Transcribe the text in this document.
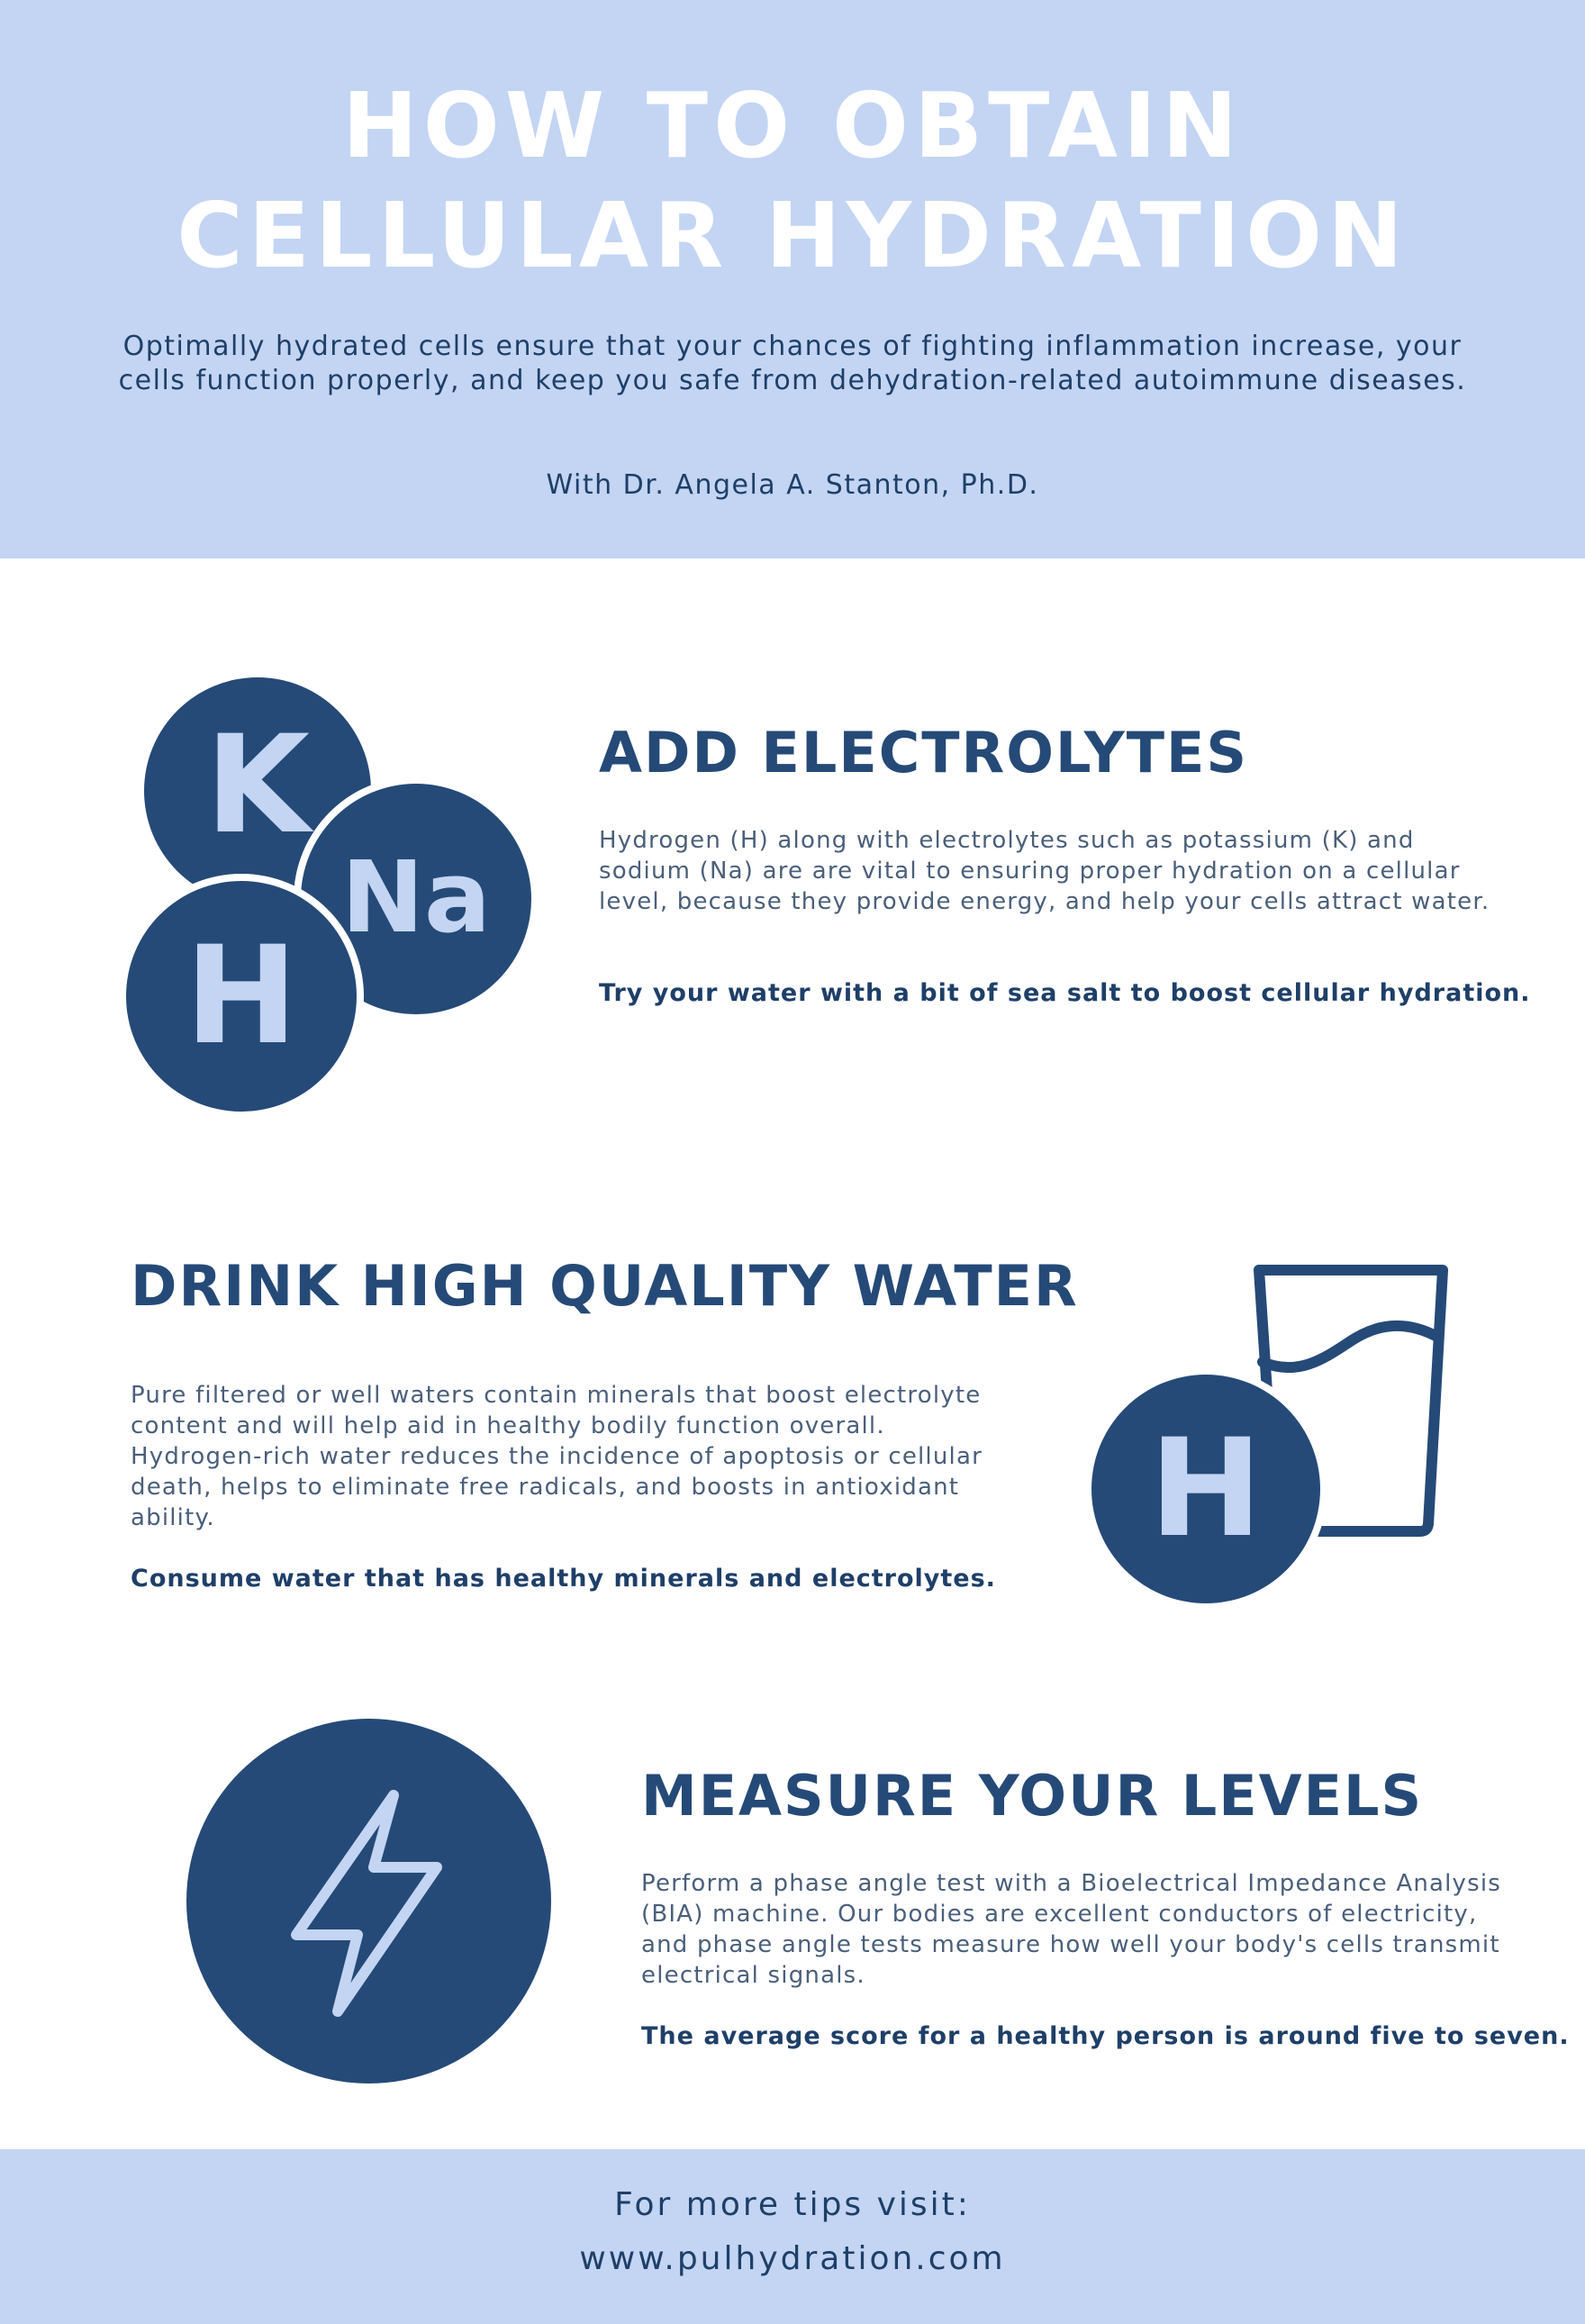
HOW TO OBTAIN
CELLULAR HYDRATION
Optimally hydrated cells ensure that your chances of fighting inflammation increase, your cells function properly, and keep you safe from dehydration-related autoimmune diseases.
With Dr. Angela A. Stanton, Ph.D.
K
Na
H
ADD ELECTROLYTES
Hydrogen (H) along with electrolytes such as potassium (K) and sodium (Na) are are vital to ensuring proper hydration on a cellular level, because they provide energy, and help your cells attract water.
Try your water with a bit of sea salt to boost cellular hydration.
DRINK HIGH QUALITY WATER
Pure filtered or well waters contain minerals that boost electrolyte content and will help aid in healthy bodily function overall. Hydrogen-rich water reduces the incidence of apoptosis or cellular death, helps to eliminate free radicals, and boosts in antioxidant ability.
Consume water that has healthy minerals and electrolytes.
H
MEASURE YOUR LEVELS
Perform a phase angle test with a Bioelectrical Impedance Analysis (BIA) machine. Our bodies are excellent conductors of electricity, and phase angle tests measure how well your body's cells transmit electrical signals.
The average score for a healthy person is around five to seven.
For more tips visit:
www.pulhydration.com
